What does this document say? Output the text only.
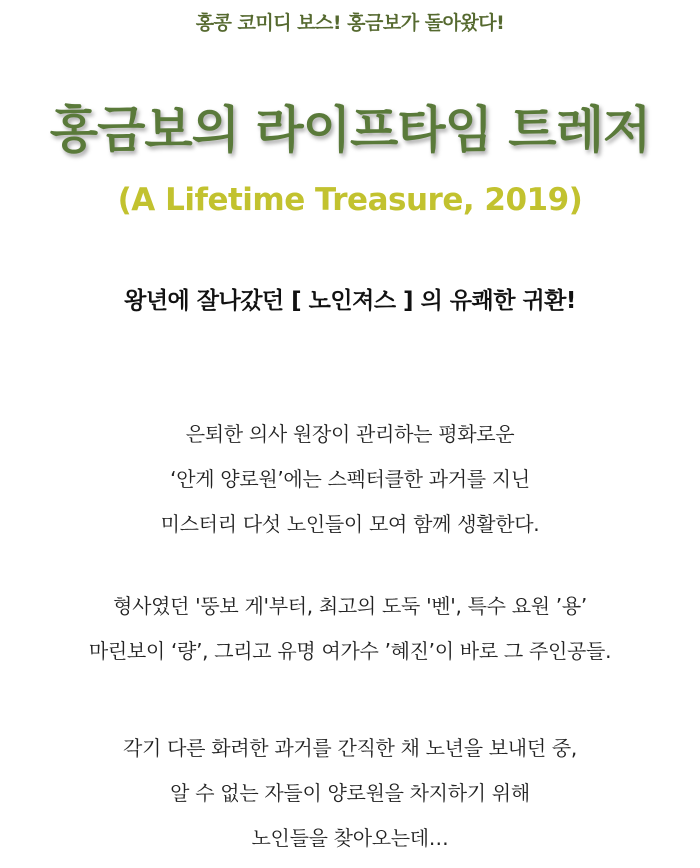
홍콩 코미디 보스! 홍금보가 돌아왔다!
홍금보의 라이프타임 트레저
(A Lifetime Treasure, 2019)
왕년에 잘나갔던 [ 노인져스 ] 의 유쾌한 귀환!
은퇴한 의사 원장이 관리하는 평화로운
‘안게 양로원’에는 스펙터클한 과거를 지닌
미스터리 다섯 노인들이 모여 함께 생활한다.
형사였던 '뚱보 게'부터, 최고의 도둑 '벤', 특수 요원 ’용’
마린보이 ‘량’, 그리고 유명 여가수 ’혜진’이 바로 그 주인공들.
각기 다른 화려한 과거를 간직한 채 노년을 보내던 중,
알 수 없는 자들이 양로원을 차지하기 위해
노인들을 찾아오는데…
